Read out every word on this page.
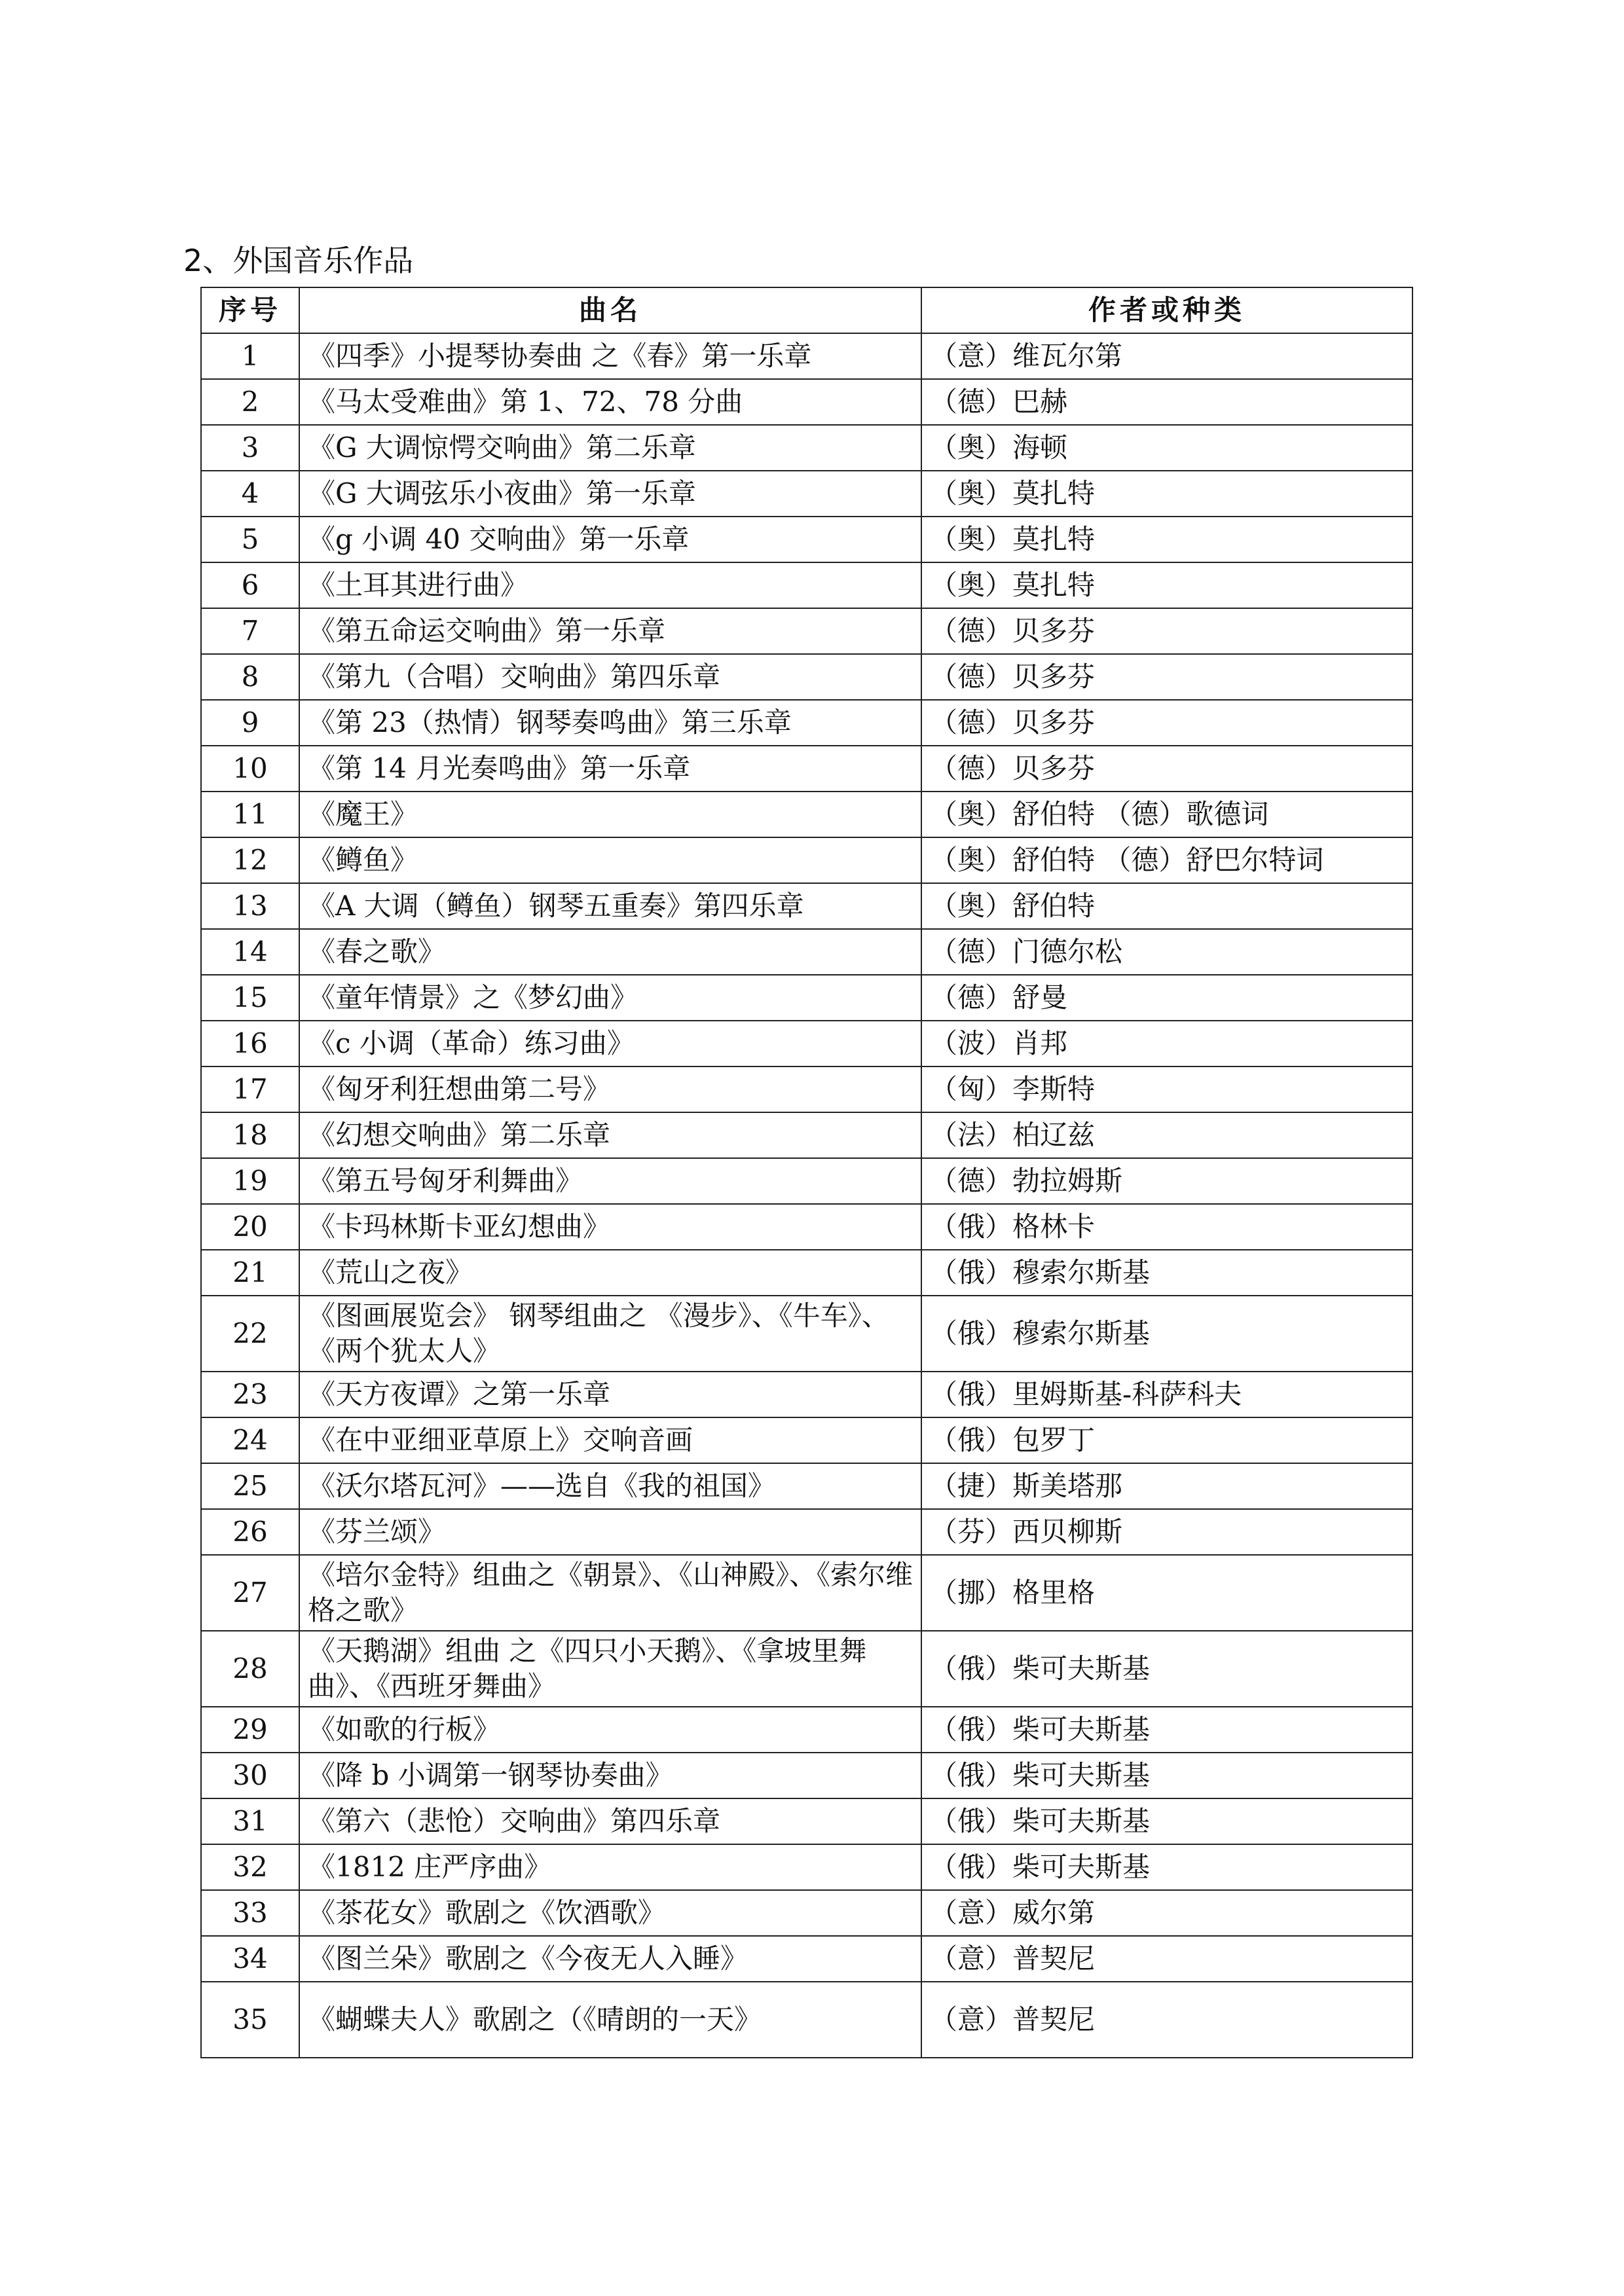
2、外国音乐作品
序号	曲名	作者或种类
1	《四季》小提琴协奏曲 之《春》第一乐章	（意）维瓦尔第
2	《马太受难曲》第 1、72、78 分曲	（德）巴赫
3	《G 大调惊愕交响曲》第二乐章	（奥）海顿
4	《G 大调弦乐小夜曲》第一乐章	（奥）莫扎特
5	《g 小调 40 交响曲》第一乐章	（奥）莫扎特
6	《土耳其进行曲》	（奥）莫扎特
7	《第五命运交响曲》第一乐章	（德）贝多芬
8	《第九（合唱）交响曲》第四乐章	（德）贝多芬
9	《第 23（热情）钢琴奏鸣曲》第三乐章	（德）贝多芬
10	《第 14 月光奏鸣曲》第一乐章	（德）贝多芬
11	《魔王》	（奥）舒伯特 （德）歌德词
12	《鳟鱼》	（奥）舒伯特 （德）舒巴尔特词
13	《A 大调（鳟鱼）钢琴五重奏》第四乐章	（奥）舒伯特
14	《春之歌》	（德）门德尔松
15	《童年情景》之《梦幻曲》	（德）舒曼
16	《c 小调（革命）练习曲》	（波）肖邦
17	《匈牙利狂想曲第二号》	（匈）李斯特
18	《幻想交响曲》第二乐章	（法）柏辽兹
19	《第五号匈牙利舞曲》	（德）勃拉姆斯
20	《卡玛林斯卡亚幻想曲》	（俄）格林卡
21	《荒山之夜》	（俄）穆索尔斯基
22	《图画展览会》 钢琴组曲之 《漫步》、《牛车》、《两个犹太人》	（俄）穆索尔斯基
23	《天方夜谭》之第一乐章	（俄）里姆斯基-科萨科夫
24	《在中亚细亚草原上》交响音画	（俄）包罗丁
25	《沃尔塔瓦河》——选自《我的祖国》	（捷）斯美塔那
26	《芬兰颂》	（芬）西贝柳斯
27	《培尔金特》组曲之《朝景》、《山神殿》、《索尔维格之歌》	（挪）格里格
28	《天鹅湖》组曲 之《四只小天鹅》、《拿坡里舞曲》、《西班牙舞曲》	（俄）柴可夫斯基
29	《如歌的行板》	（俄）柴可夫斯基
30	《降 b 小调第一钢琴协奏曲》	（俄）柴可夫斯基
31	《第六（悲怆）交响曲》第四乐章	（俄）柴可夫斯基
32	《1812 庄严序曲》	（俄）柴可夫斯基
33	《茶花女》歌剧之《饮酒歌》	（意）威尔第
34	《图兰朵》歌剧之《今夜无人入睡》	（意）普契尼
35	《蝴蝶夫人》歌剧之（《晴朗的一天》	（意）普契尼
